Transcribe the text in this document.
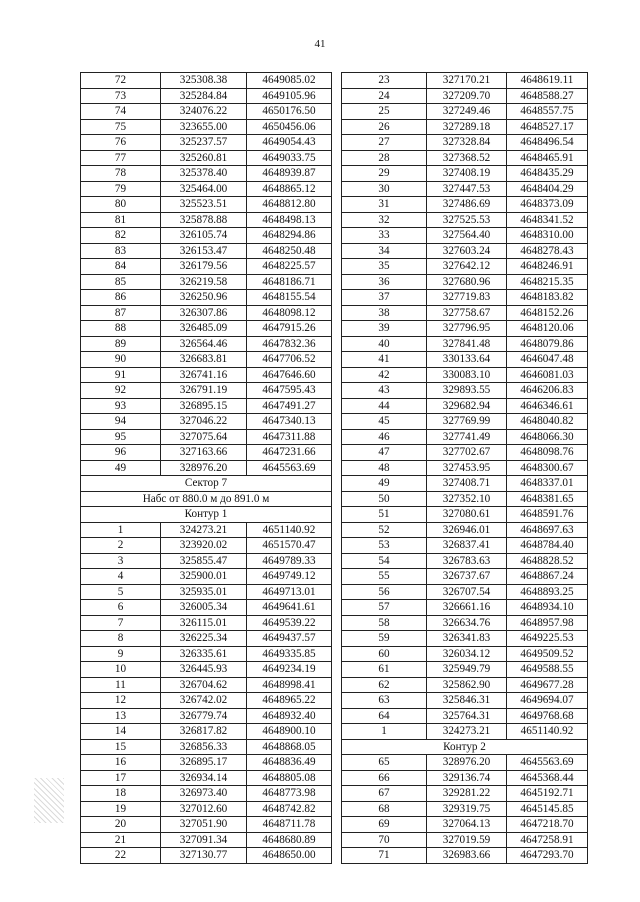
41
72	325308.38	4649085.02
73	325284.84	4649105.96
74	324076.22	4650176.50
75	323655.00	4650456.06
76	325237.57	4649054.43
77	325260.81	4649033.75
78	325378.40	4648939.87
79	325464.00	4648865.12
80	325523.51	4648812.80
81	325878.88	4648498.13
82	326105.74	4648294.86
83	326153.47	4648250.48
84	326179.56	4648225.57
85	326219.58	4648186.71
86	326250.96	4648155.54
87	326307.86	4648098.12
88	326485.09	4647915.26
89	326564.46	4647832.36
90	326683.81	4647706.52
91	326741.16	4647646.60
92	326791.19	4647595.43
93	326895.15	4647491.27
94	327046.22	4647340.13
95	327075.64	4647311.88
96	327163.66	4647231.66
49	328976.20	4645563.69
Сектор 7		
Набс от 880.0 м до 891.0 м		
Контур 1		
1	324273.21	4651140.92
2	323920.02	4651570.47
3	325855.47	4649789.33
4	325900.01	4649749.12
5	325935.01	4649713.01
6	326005.34	4649641.61
7	326115.01	4649539.22
8	326225.34	4649437.57
9	326335.61	4649335.85
10	326445.93	4649234.19
11	326704.62	4648998.41
12	326742.02	4648965.22
13	326779.74	4648932.40
14	326817.82	4648900.10
15	326856.33	4648868.05
16	326895.17	4648836.49
17	326934.14	4648805.08
18	326973.40	4648773.98
19	327012.60	4648742.82
20	327051.90	4648711.78
21	327091.34	4648680.89
22	327130.77	4648650.00
23	327170.21	4648619.11
24	327209.70	4648588.27
25	327249.46	4648557.75
26	327289.18	4648527.17
27	327328.84	4648496.54
28	327368.52	4648465.91
29	327408.19	4648435.29
30	327447.53	4648404.29
31	327486.69	4648373.09
32	327525.53	4648341.52
33	327564.40	4648310.00
34	327603.24	4648278.43
35	327642.12	4648246.91
36	327680.96	4648215.35
37	327719.83	4648183.82
38	327758.67	4648152.26
39	327796.95	4648120.06
40	327841.48	4648079.86
41	330133.64	4646047.48
42	330083.10	4646081.03
43	329893.55	4646206.83
44	329682.94	4646346.61
45	327769.99	4648040.82
46	327741.49	4648066.30
47	327702.67	4648098.76
48	327453.95	4648300.67
49	327408.71	4648337.01
50	327352.10	4648381.65
51	327080.61	4648591.76
52	326946.01	4648697.63
53	326837.41	4648784.40
54	326783.63	4648828.52
55	326737.67	4648867.24
56	326707.54	4648893.25
57	326661.16	4648934.10
58	326634.76	4648957.98
59	326341.83	4649225.53
60	326034.12	4649509.52
61	325949.79	4649588.55
62	325862.90	4649677.28
63	325846.31	4649694.07
64	325764.31	4649768.68
1	324273.21	4651140.92
Контур 2		
65	328976.20	4645563.69
66	329136.74	4645368.44
67	329281.22	4645192.71
68	329319.75	4645145.85
69	327064.13	4647218.70
70	327019.59	4647258.91
71	326983.66	4647293.70
